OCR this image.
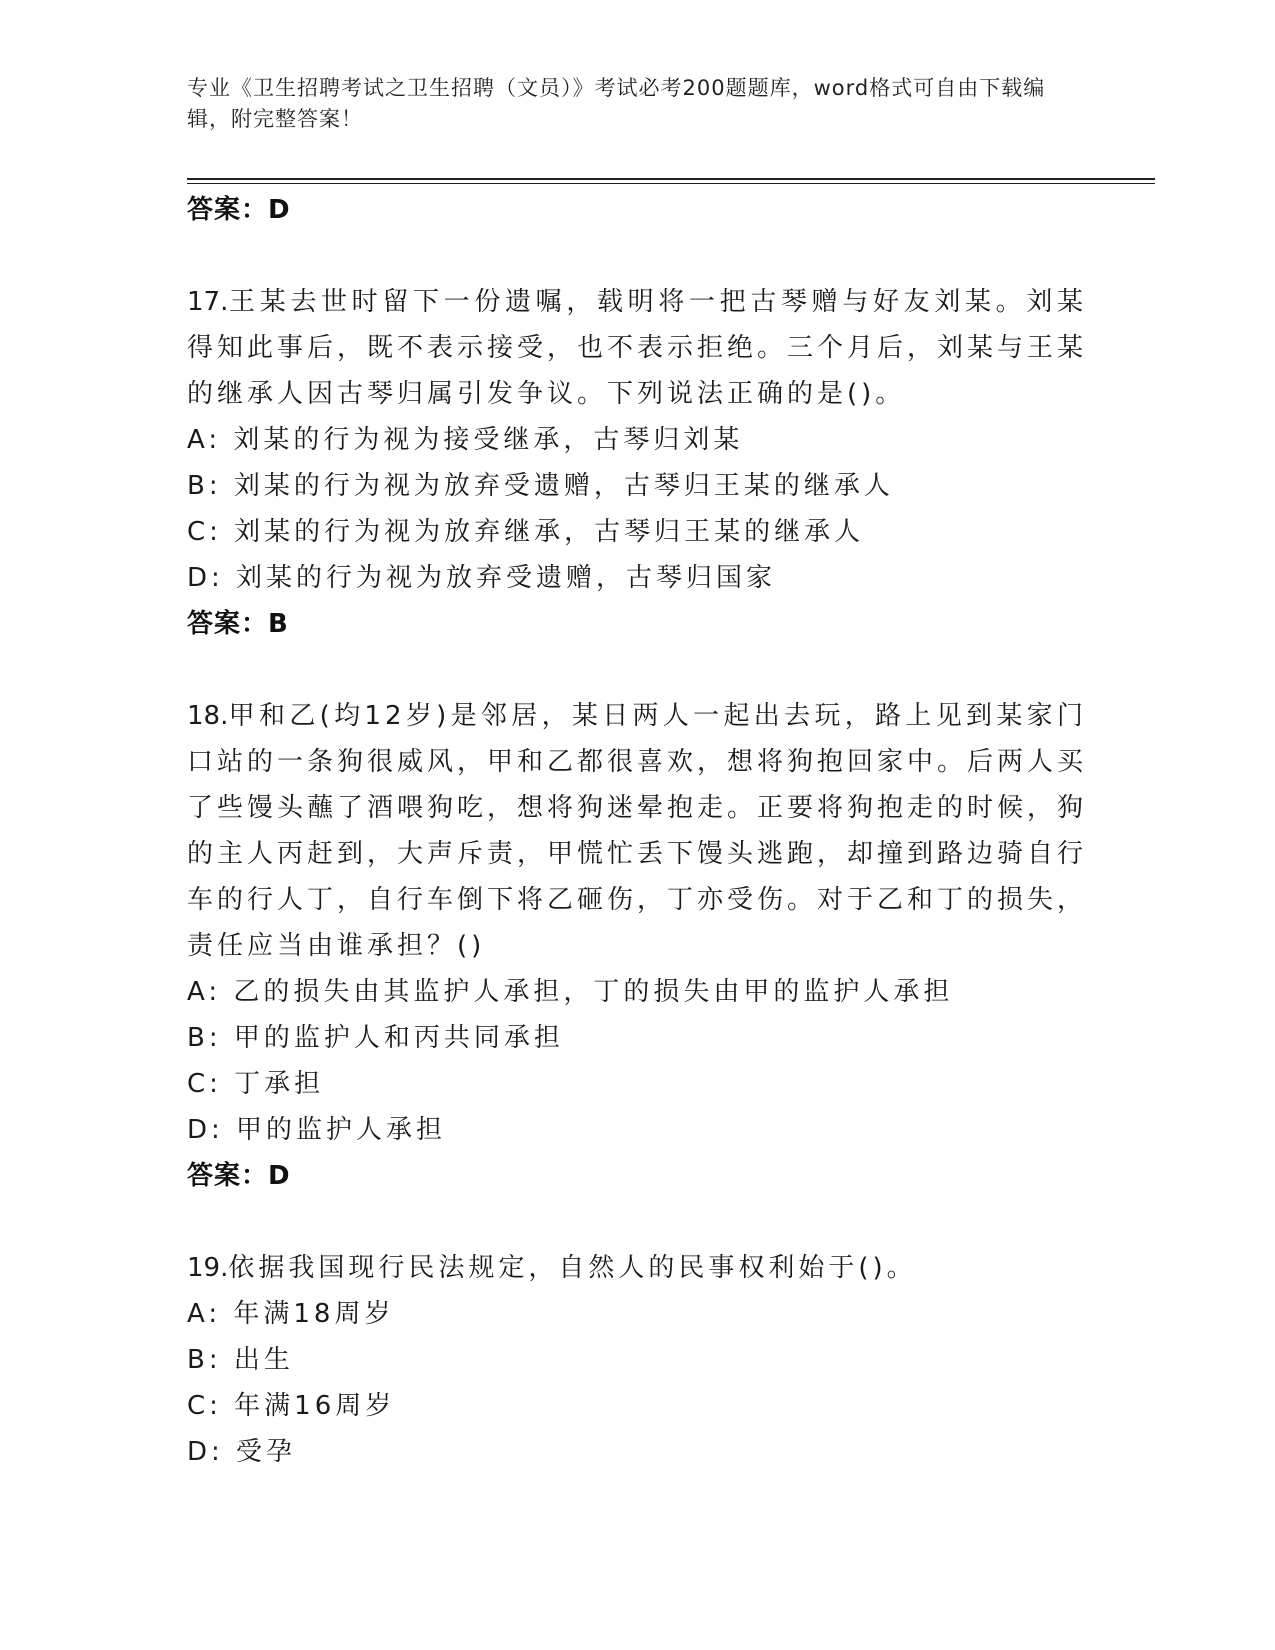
专业《卫生招聘考试之卫生招聘（文员）》考试必考200题题库，word格式可自由下载编辑，附完整答案！
答案：D
17.王某去世时留下一份遗嘱，载明将一把古琴赠与好友刘某。刘某得知此事后，既不表示接受，也不表示拒绝。三个月后，刘某与王某的继承人因古琴归属引发争议。下列说法正确的是()。
A: 刘某的行为视为接受继承，古琴归刘某
B: 刘某的行为视为放弃受遗赠，古琴归王某的继承人
C: 刘某的行为视为放弃继承，古琴归王某的继承人
D: 刘某的行为视为放弃受遗赠，古琴归国家
答案：B
18.甲和乙(均12岁)是邻居，某日两人一起出去玩，路上见到某家门口站的一条狗很威风，甲和乙都很喜欢，想将狗抱回家中。后两人买了些馒头蘸了酒喂狗吃，想将狗迷晕抱走。正要将狗抱走的时候，狗的主人丙赶到，大声斥责，甲慌忙丢下馒头逃跑，却撞到路边骑自行车的行人丁，自行车倒下将乙砸伤，丁亦受伤。对于乙和丁的损失，责任应当由谁承担？()
A: 乙的损失由其监护人承担，丁的损失由甲的监护人承担
B: 甲的监护人和丙共同承担
C: 丁承担
D: 甲的监护人承担
答案：D
19.依据我国现行民法规定，自然人的民事权利始于()。
A: 年满18周岁
B: 出生
C: 年满16周岁
D: 受孕
